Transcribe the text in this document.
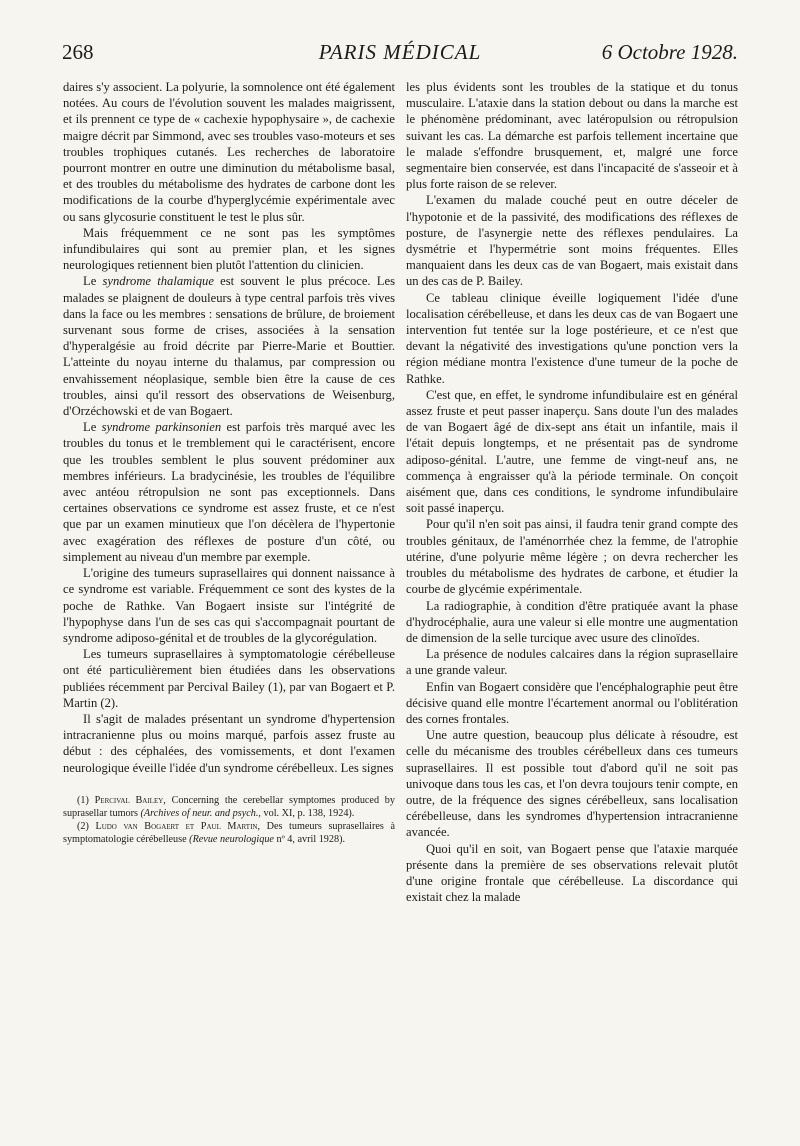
268	PARIS MÉDICAL	6 Octobre 1928.

daires s'y associent. La polyurie, la somnolence ont été également notées. Au cours de l'évolution souvent les malades maigrissent, et ils prennent ce type de « cachexie hypophysaire », de cachexie maigre décrit par Simmond, avec ses troubles vaso-moteurs et ses troubles trophiques cutanés. Les recherches de laboratoire pourront montrer en outre une diminution du métabolisme basal, et des troubles du métabolisme des hydrates de carbone dont les modifications de la courbe d'hyperglycémie expérimentale avec ou sans glycosurie constituent le test le plus sûr.

Mais fréquemment ce ne sont pas les symptômes infundibulaires qui sont au premier plan, et les signes neurologiques retiennent bien plutôt l'attention du clinicien.

Le syndrome thalamique est souvent le plus précoce. Les malades se plaignent de douleurs à type central parfois très vives dans la face ou les membres : sensations de brûlure, de broiement survenant sous forme de crises, associées à la sensation d'hyperalgésie au froid décrite par Pierre-Marie et Bouttier. L'atteinte du noyau interne du thalamus, par compression ou envahissement néoplasique, semble bien être la cause de ces troubles, ainsi qu'il ressort des observations de Weisenburg, d'Orzéchowski et de van Bogaert.

Le syndrome parkinsonien est parfois très marqué avec les troubles du tonus et le tremblement qui le caractérisent, encore que les troubles semblent le plus souvent prédominer aux membres inférieurs. La bradycinésie, les troubles de l'équilibre avec antéou rétropulsion ne sont pas exceptionnels. Dans certaines observations ce syndrome est assez fruste, et ce n'est que par un examen minutieux que l'on décèlera de l'hypertonie avec exagération des réflexes de posture d'un côté, ou simplement au niveau d'un membre par exemple.

L'origine des tumeurs suprasellaires qui donnent naissance à ce syndrome est variable. Fréquemment ce sont des kystes de la poche de Rathke. Van Bogaert insiste sur l'intégrité de l'hypophyse dans l'un de ses cas qui s'accompagnait pourtant de syndrome adiposo-génital et de troubles de la glycorégulation.

Les tumeurs suprasellaires à symptomatologie cérébelleuse ont été particulièrement bien étudiées dans les observations publiées récemment par Percival Bailey (1), par van Bogaert et P. Martin (2).

Il s'agit de malades présentant un syndrome d'hypertension intracranienne plus ou moins marqué, parfois assez fruste au début : des céphalées, des vomissements, et dont l'examen neurologique éveille l'idée d'un syndrome cérébelleux. Les signes

(1) Percival Bailey, Concerning the cerebellar symptomes produced by suprasellar tumors (Archives of neur. and psych., vol. XI, p. 138, 1924).

(2) Ludo van Bogaert et Paul Martin, Des tumeurs suprasellaires à symptomatologie cérébelleuse (Revue neurologique nº 4, avril 1928).

les plus évidents sont les troubles de la statique et du tonus musculaire. L'ataxie dans la station debout ou dans la marche est le phénomène prédominant, avec latéropulsion ou rétropulsion suivant les cas. La démarche est parfois tellement incertaine que le malade s'effondre brusquement, et, malgré une force segmentaire bien conservée, est dans l'incapacité de s'asseoir et à plus forte raison de se relever.

L'examen du malade couché peut en outre déceler de l'hypotonie et de la passivité, des modifications des réflexes de posture, de l'asynergie nette des réflexes pendulaires. La dysmétrie et l'hypermétrie sont moins fréquentes. Elles manquaient dans les deux cas de van Bogaert, mais existait dans un des cas de P. Bailey.

Ce tableau clinique éveille logiquement l'idée d'une localisation cérébelleuse, et dans les deux cas de van Bogaert une intervention fut tentée sur la loge postérieure, et ce n'est que devant la négativité des investigations qu'une ponction vers la région médiane montra l'existence d'une tumeur de la poche de Rathke.

C'est que, en effet, le syndrome infundibulaire est en général assez fruste et peut passer inaperçu. Sans doute l'un des malades de van Bogaert âgé de dix-sept ans était un infantile, mais il l'était depuis longtemps, et ne présentait pas de syndrome adiposo-génital. L'autre, une femme de vingt-neuf ans, ne commença à engraisser qu'à la période terminale. On conçoit aisément que, dans ces conditions, le syndrome infundibulaire soit passé inaperçu.

Pour qu'il n'en soit pas ainsi, il faudra tenir grand compte des troubles génitaux, de l'aménorrhée chez la femme, de l'atrophie utérine, d'une polyurie même légère ; on devra rechercher les troubles du métabolisme des hydrates de carbone, et étudier la courbe de glycémie expérimentale.

La radiographie, à condition d'être pratiquée avant la phase d'hydrocéphalie, aura une valeur si elle montre une augmentation de dimension de la selle turcique avec usure des clinoïdes.

La présence de nodules calcaires dans la région suprasellaire a une grande valeur.

Enfin van Bogaert considère que l'encéphalographie peut être décisive quand elle montre l'écartement anormal ou l'oblitération des cornes frontales.

Une autre question, beaucoup plus délicate à résoudre, est celle du mécanisme des troubles cérébelleux dans ces tumeurs suprasellaires. Il est possible tout d'abord qu'il ne soit pas univoque dans tous les cas, et l'on devra toujours tenir compte, en outre, de la fréquence des signes cérébelleux, sans localisation cérébelleuse, dans les syndromes d'hypertension intracranienne avancée.

Quoi qu'il en soit, van Bogaert pense que l'ataxie marquée présente dans la première de ses observations relevait plutôt d'une origine frontale que cérébelleuse. La discordance qui existait chez la malade
